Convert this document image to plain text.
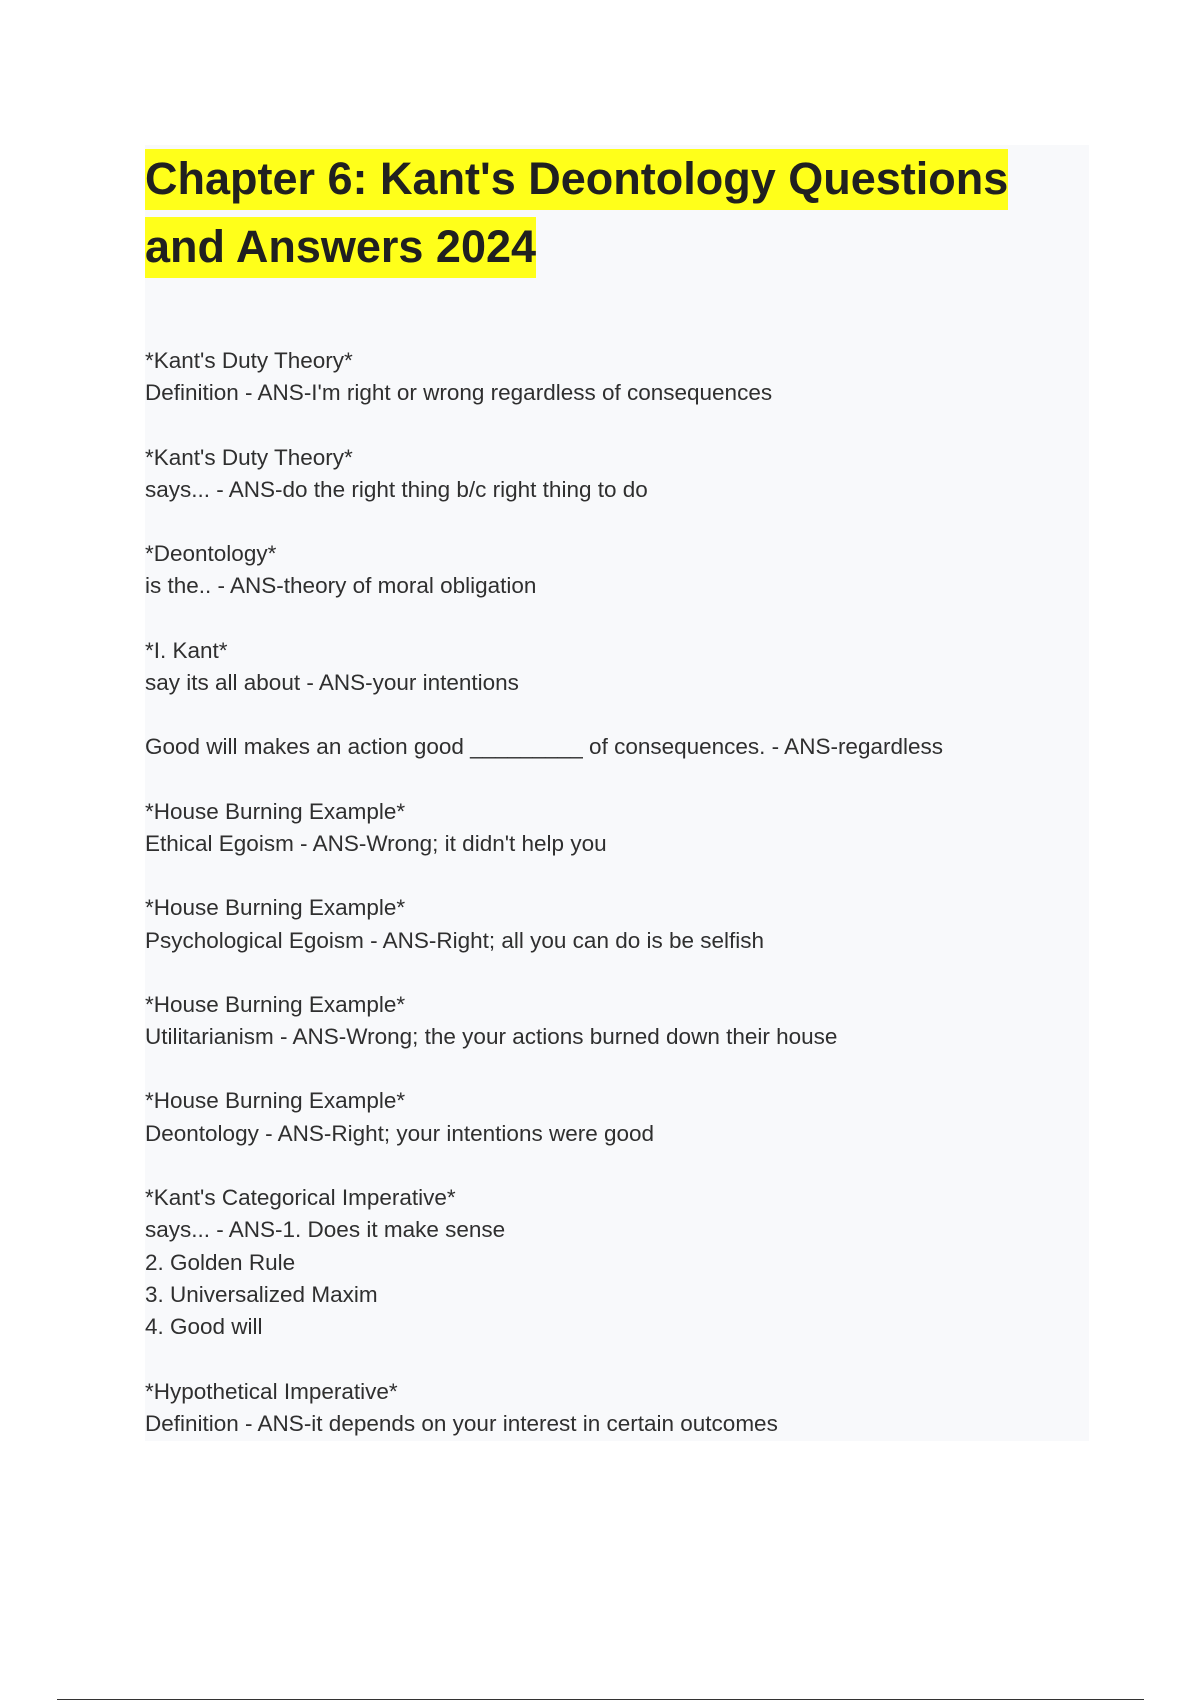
Chapter 6: Kant's Deontology Questions
and Answers 2024
*Kant's Duty Theory*
Definition - ANS-I'm right or wrong regardless of consequences
*Kant's Duty Theory*
says... - ANS-do the right thing b/c right thing to do
*Deontology*
is the.. - ANS-theory of moral obligation
*I. Kant*
say its all about - ANS-your intentions
Good will makes an action good _________ of consequences. - ANS-regardless
*House Burning Example*
Ethical Egoism - ANS-Wrong; it didn't help you
*House Burning Example*
Psychological Egoism - ANS-Right; all you can do is be selfish
*House Burning Example*
Utilitarianism - ANS-Wrong; the your actions burned down their house
*House Burning Example*
Deontology - ANS-Right; your intentions were good
*Kant's Categorical Imperative*
says... - ANS-1. Does it make sense
2. Golden Rule
3. Universalized Maxim
4. Good will
*Hypothetical Imperative*
Definition - ANS-it depends on your interest in certain outcomes
